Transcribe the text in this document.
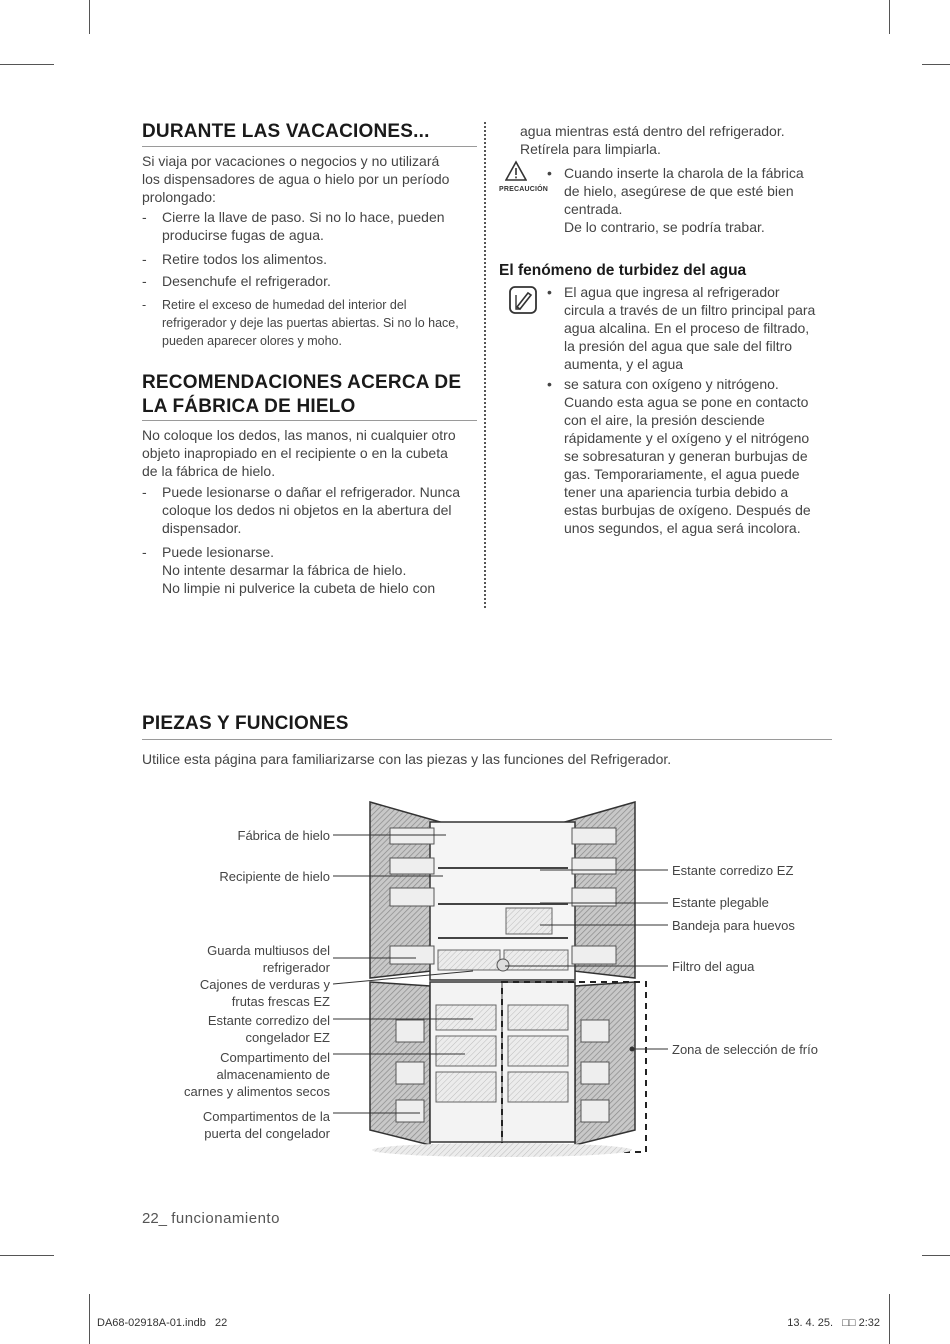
DURANTE LAS VACACIONES...
Si viaja por vacaciones o negocios y no utilizará
los dispensadores de agua o hielo por un período
prolongado:
- Cierre la llave de paso. Si no lo hace, pueden
producirse fugas de agua.
- Retire todos los alimentos.
- Desenchufe el refrigerador.
- Retire el exceso de humedad del interior del
refrigerador y deje las puertas abiertas. Si no lo hace,
pueden aparecer olores y moho.
RECOMENDACIONES ACERCA DE
LA FÁBRICA DE HIELO
No coloque los dedos, las manos, ni cualquier otro
objeto inapropiado en el recipiente o en la cubeta
de la fábrica de hielo.
- Puede lesionarse o dañar el refrigerador. Nunca
coloque los dedos ni objetos en la abertura del
dispensador.
- Puede lesionarse.
No intente desarmar la fábrica de hielo.
No limpie ni pulverice la cubeta de hielo con
agua mientras está dentro del refrigerador.
Retírela para limpiarla.
PRECAUCIÓN
• Cuando inserte la charola de la fábrica
de hielo, asegúrese de que esté bien
centrada.
De lo contrario, se podría trabar.
El fenómeno de turbidez del agua
• El agua que ingresa al refrigerador
circula a través de un filtro principal para
agua alcalina. En el proceso de filtrado,
la presión del agua que sale del filtro
aumenta, y el agua
• se satura con oxígeno y nitrógeno.
Cuando esta agua se pone en contacto
con el aire, la presión desciende
rápidamente y el oxígeno y el nitrógeno
se sobresaturan y generan burbujas de
gas. Temporariamente, el agua puede
tener una apariencia turbia debido a
estas burbujas de oxígeno. Después de
unos segundos, el agua será incolora.
PIEZAS Y FUNCIONES
Utilice esta página para familiarizarse con las piezas y las funciones del Refrigerador.
Fábrica de hielo
Recipiente de hielo
Guarda multiusos del
refrigerador
Cajones de verduras y
frutas frescas EZ
Estante corredizo del
congelador EZ
Compartimento del
almacenamiento de
carnes y alimentos secos
Compartimentos de la
puerta del congelador
Estante corredizo EZ
Estante plegable
Bandeja para huevos
Filtro del agua
Zona de selección de frío
22_ funcionamiento
DA68-02918A-01.indb   22	13. 4. 25.   □□ 2:32
